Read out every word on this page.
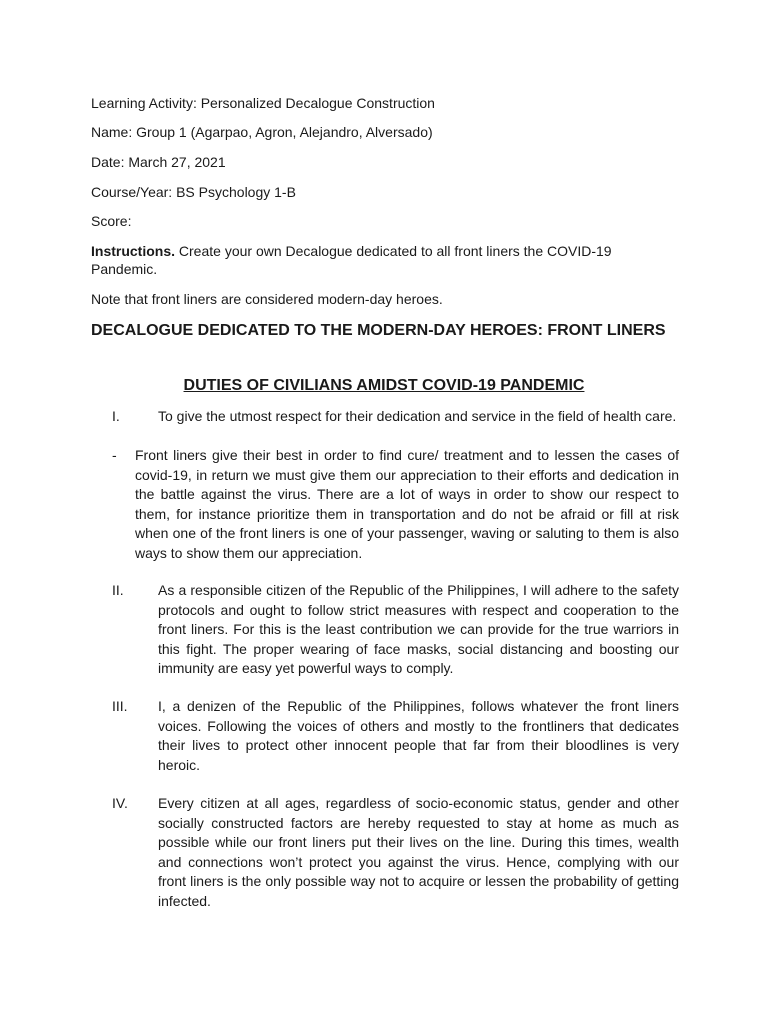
Learning Activity: Personalized Decalogue Construction
Name: Group 1 (Agarpao, Agron, Alejandro, Alversado)
Date: March 27, 2021
Course/Year: BS Psychology 1-B
Score:
Instructions. Create your own Decalogue dedicated to all front liners the COVID-19 Pandemic.
Note that front liners are considered modern-day heroes.
DECALOGUE DEDICATED TO THE MODERN-DAY HEROES: FRONT LINERS
DUTIES OF CIVILIANS AMIDST COVID-19 PANDEMIC
I.	To give the utmost respect for their dedication and service in the field of health care.
- Front liners give their best in order to find cure/ treatment and to lessen the cases of covid-19, in return we must give them our appreciation to their efforts and dedication in the battle against the virus. There are a lot of ways in order to show our respect to them, for instance prioritize them in transportation and do not be afraid or fill at risk when one of the front liners is one of your passenger, waving or saluting to them is also ways to show them our appreciation.
II. As a responsible citizen of the Republic of the Philippines, I will adhere to the safety protocols and ought to follow strict measures with respect and cooperation to the front liners. For this is the least contribution we can provide for the true warriors in this fight. The proper wearing of face masks, social distancing and boosting our immunity are easy yet powerful ways to comply.
III. I, a denizen of the Republic of the Philippines, follows whatever the front liners voices. Following the voices of others and mostly to the frontliners that dedicates their lives to protect other innocent people that far from their bloodlines is very heroic.
IV. Every citizen at all ages, regardless of socio-economic status, gender and other socially constructed factors are hereby requested to stay at home as much as possible while our front liners put their lives on the line. During this times, wealth and connections won’t protect you against the virus. Hence, complying with our front liners is the only possible way not to acquire or lessen the probability of getting infected.
